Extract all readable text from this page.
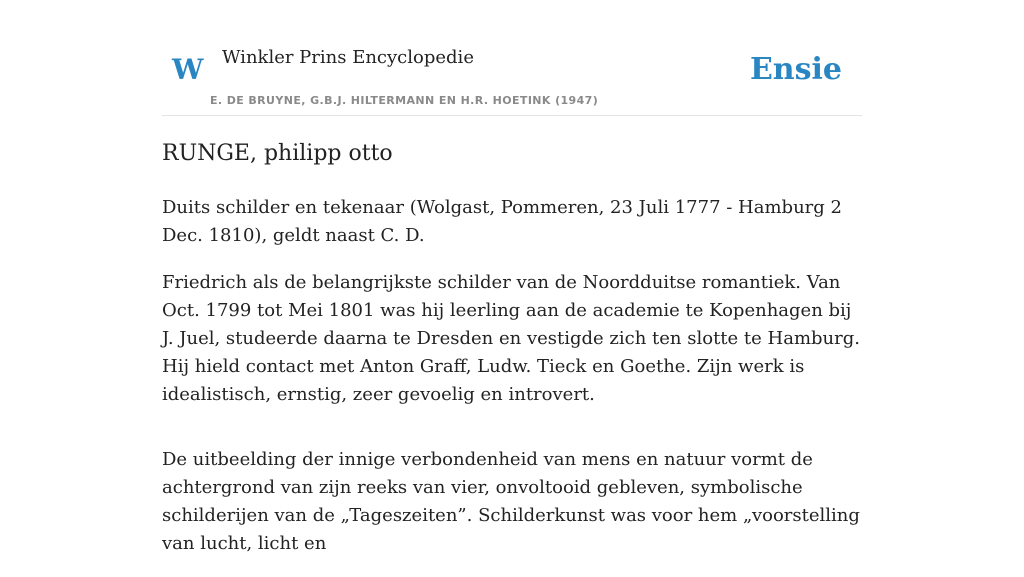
W Winkler Prins Encyclopedie
E. DE BRUYNE, G.B.J. HILTERMANN EN H.R. HOETINK (1947)
Ensie
RUNGE, philipp otto

Duits schilder en tekenaar (Wolgast, Pommeren, 23 Juli 1777 - Hamburg 2 Dec. 1810), geldt naast C. D.

Friedrich als de belangrijkste schilder van de Noordduitse romantiek. Van Oct. 1799 tot Mei 1801 was hij leerling aan de academie te Kopenhagen bij J. Juel, studeerde daarna te Dresden en vestigde zich ten slotte te Hamburg. Hij hield contact met Anton Graff, Ludw. Tieck en Goethe. Zijn werk is idealistisch, ernstig, zeer gevoelig en introvert.

De uitbeelding der innige verbondenheid van mens en natuur vormt de achtergrond van zijn reeks van vier, onvoltooid gebleven, symbolische schilderijen van de „Tageszeiten”. Schilderkunst was voor hem „voorstelling van lucht, licht en
